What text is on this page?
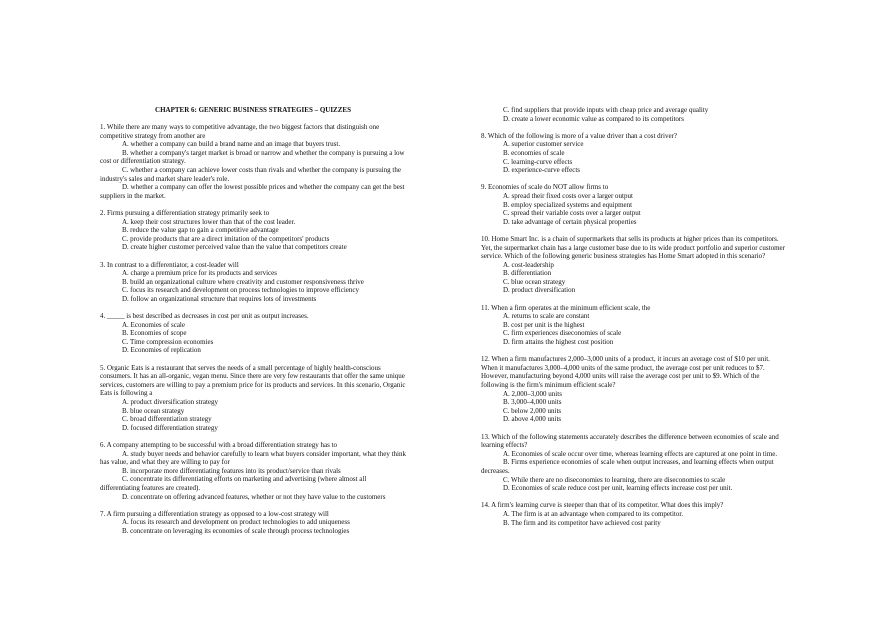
CHAPTER 6: GENERIC BUSINESS STRATEGIES – QUIZZES

1. While there are many ways to competitive advantage, the two biggest factors that distinguish one competitive strategy from another are

A. whether a company can build a brand name and an image that buyers trust.

B. whether a company's target market is broad or narrow and whether the company is pursuing a low cost or differentiation strategy.

C. whether a company can achieve lower costs than rivals and whether the company is pursuing the industry's sales and market share leader's role.

D. whether a company can offer the lowest possible prices and whether the company can get the best suppliers in the market.

2. Firms pursuing a differentiation strategy primarily seek to

A. keep their cost structures lower than that of the cost leader.

B. reduce the value gap to gain a competitive advantage

C. provide products that are a direct imitation of the competitors' products

D. create higher customer perceived value than the value that competitors create

3. In contrast to a differentiator, a cost-leader will

A. charge a premium price for its products and services

B. build an organizational culture where creativity and customer responsiveness thrive

C. focus its research and development on process technologies to improve efficiency

D. follow an organizational structure that requires lots of investments

4. _____ is best described as decreases in cost per unit as output increases.

A. Economies of scale

B. Economies of scope

C. Time compression economies

D. Economies of replication

5. Organic Eats is a restaurant that serves the needs of a small percentage of highly health-conscious consumers. It has an all-organic, vegan menu. Since there are very few restaurants that offer the same unique services, customers are willing to pay a premium price for its products and services. In this scenario, Organic Eats is following a

A. product diversification strategy

B. blue ocean strategy

C. broad differentiation strategy

D. focused differentiation strategy

6. A company attempting to be successful with a broad differentiation strategy has to

A. study buyer needs and behavior carefully to learn what buyers consider important, what they think has value, and what they are willing to pay for

B. incorporate more differentiating features into its product/service than rivals

C. concentrate its differentiating efforts on marketing and advertising (where almost all differentiating features are created).

D. concentrate on offering advanced features, whether or not they have value to the customers

7. A firm pursuing a differentiation strategy as opposed to a low-cost strategy will

A. focus its research and development on product technologies to add uniqueness

B. concentrate on leveraging its economies of scale through process technologies

C. find suppliers that provide inputs with cheap price and average quality

D. create a lower economic value as compared to its competitors

8. Which of the following is more of a value driver than a cost driver?

A. superior customer service

B. economies of scale

C. learning-curve effects

D. experience-curve effects

9. Economies of scale do NOT allow firms to

A. spread their fixed costs over a larger output

B. employ specialized systems and equipment

C. spread their variable costs over a larger output

D. take advantage of certain physical properties

10. Home Smart Inc. is a chain of supermarkets that sells its products at higher prices than its competitors. Yet, the supermarket chain has a large customer base due to its wide product portfolio and superior customer service. Which of the following generic business strategies has Home Smart adopted in this scenario?

A. cost-leadership

B. differentiation

C. blue ocean strategy

D. product diversification

11. When a firm operates at the minimum efficient scale, the

A. returns to scale are constant

B. cost per unit is the highest

C. firm experiences diseconomies of scale

D. firm attains the highest cost position

12. When a firm manufactures 2,000–3,000 units of a product, it incurs an average cost of $10 per unit. When it manufactures 3,000–4,000 units of the same product, the average cost per unit reduces to $7. However, manufacturing beyond 4,000 units will raise the average cost per unit to $9. Which of the following is the firm's minimum efficient scale?

A. 2,000–3,000 units

B. 3,000–4,000 units

C. below 2,000 units

D. above 4,000 units

13. Which of the following statements accurately describes the difference between economies of scale and learning effects?

A. Economies of scale occur over time, whereas learning effects are captured at one point in time.

B. Firms experience economies of scale when output increases, and learning effects when output decreases.

C. While there are no diseconomies to learning, there are diseconomies to scale

D. Economies of scale reduce cost per unit, learning effects increase cost per unit.

14. A firm's learning curve is steeper than that of its competitor. What does this imply?

A. The firm is at an advantage when compared to its competitor.

B. The firm and its competitor have achieved cost parity
